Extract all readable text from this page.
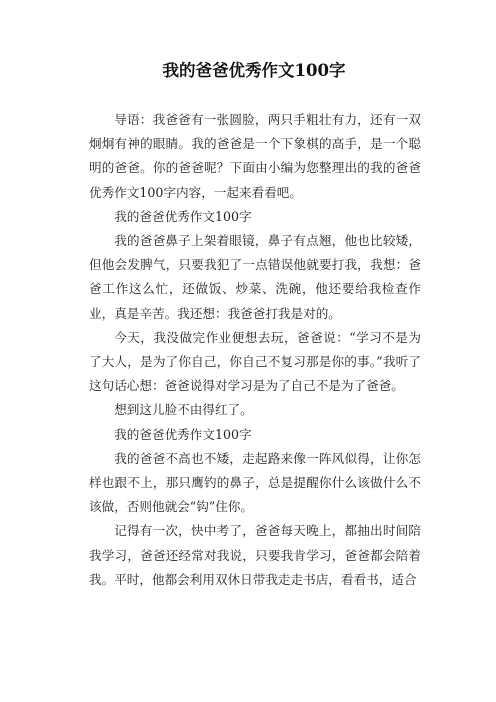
我的爸爸优秀作文100字

导语：我爸爸有一张圆脸，两只手粗壮有力，还有一双炯炯有神的眼睛。我的爸爸是一个下象棋的高手，是一个聪明的爸爸。你的爸爸呢？下面由小编为您整理出的我的爸爸优秀作文100字内容，一起来看看吧。

我的爸爸优秀作文100字

我的爸爸鼻子上架着眼镜，鼻子有点翘，他也比较矮，但他会发脾气，只要我犯了一点错误他就要打我，我想：爸爸工作这么忙，还做饭、炒菜、洗碗，他还要给我检查作业，真是辛苦。我还想：我爸爸打我是对的。

今天，我没做完作业便想去玩，爸爸说：“学习不是为了大人，是为了你自己，你自己不复习那是你的事。”我听了这句话心想：爸爸说得对学习是为了自己不是为了爸爸。

想到这儿脸不由得红了。

我的爸爸优秀作文100字

我的爸爸不高也不矮，走起路来像一阵风似得，让你怎样也跟不上，那只鹰钓的鼻子，总是提醒你什么该做什么不该做，否则他就会“钩”住你。

记得有一次，快中考了，爸爸每天晚上，都抽出时间陪我学习，爸爸还经常对我说，只要我肯学习，爸爸都会陪着我。平时，他都会利用双休日带我走走书店，看看书，适合
